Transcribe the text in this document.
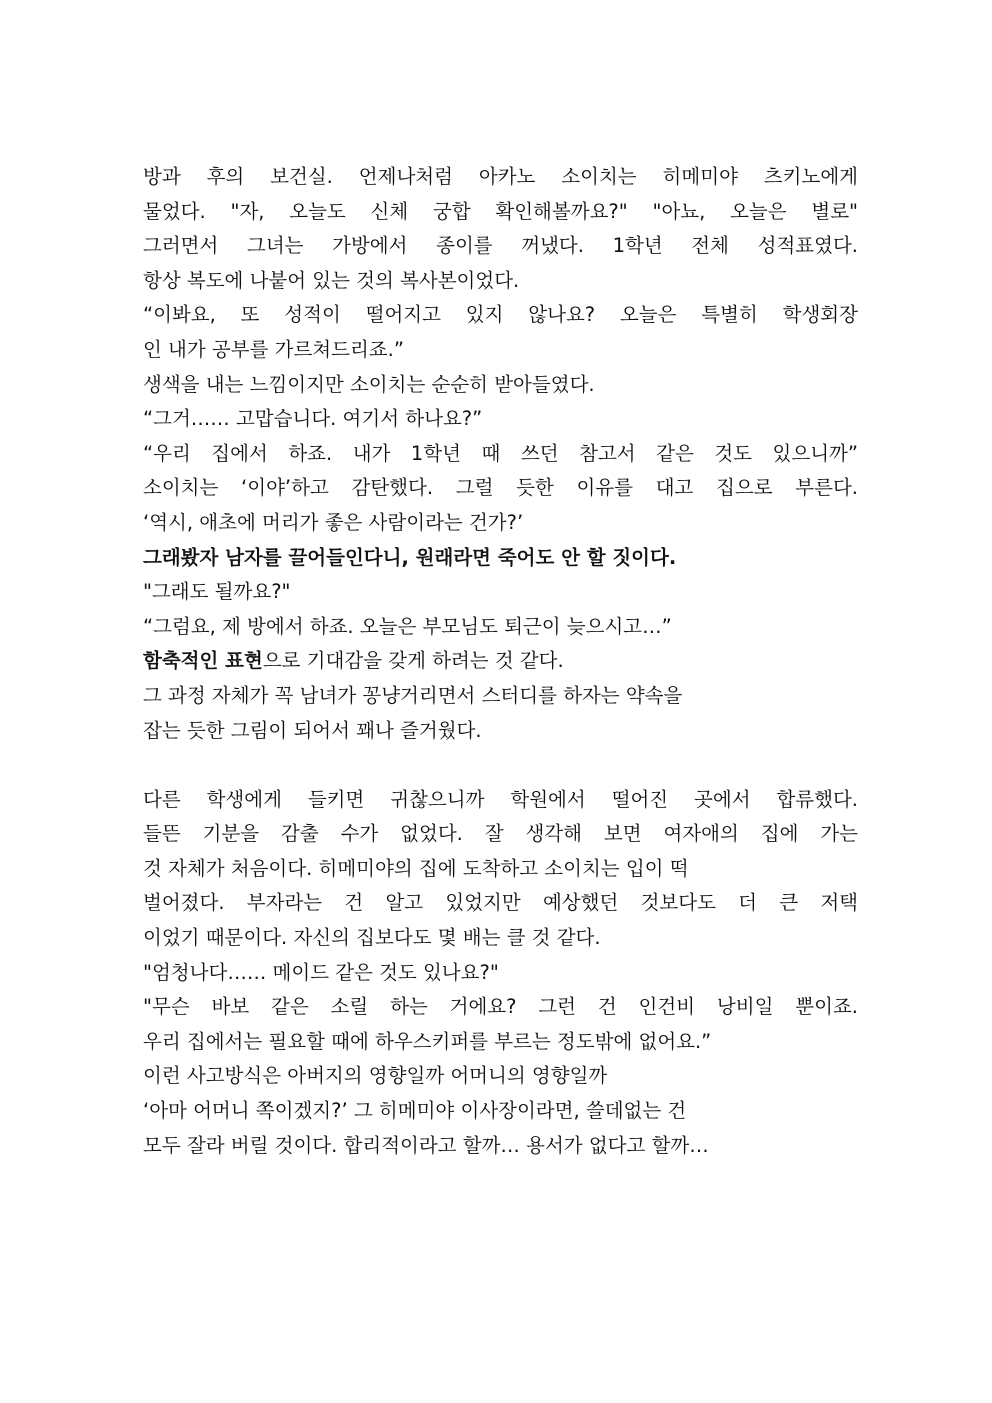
방과 후의 보건실. 언제나처럼 아카노 소이치는 히메미야 츠키노에게
물었다. "자, 오늘도 신체 궁합 확인해볼까요?" "아뇨, 오늘은 별로"
그러면서 그녀는 가방에서 종이를 꺼냈다. 1학년 전체 성적표였다.
항상 복도에 나붙어 있는 것의 복사본이었다.
“이봐요, 또 성적이 떨어지고 있지 않나요? 오늘은 특별히 학생회장
인 내가 공부를 가르쳐드리죠.”
생색을 내는 느낌이지만 소이치는 순순히 받아들였다.
“그거…… 고맙습니다. 여기서 하나요?”
“우리 집에서 하죠. 내가 1학년 때 쓰던 참고서 같은 것도 있으니까”
소이치는 ‘이야’하고 감탄했다. 그럴 듯한 이유를 대고 집으로 부른다.
‘역시, 애초에 머리가 좋은 사람이라는 건가?’
그래봤자 남자를 끌어들인다니, 원래라면 죽어도 안 할 짓이다.
"그래도 될까요?"
“그럼요, 제 방에서 하죠. 오늘은 부모님도 퇴근이 늦으시고…”
함축적인 표현으로 기대감을 갖게 하려는 것 같다.
그 과정 자체가 꼭 남녀가 꽁냥거리면서 스터디를 하자는 약속을
잡는 듯한 그림이 되어서 꽤나 즐거웠다.
다른 학생에게 들키면 귀찮으니까 학원에서 떨어진 곳에서 합류했다.
들뜬 기분을 감출 수가 없었다. 잘 생각해 보면 여자애의 집에 가는
것 자체가 처음이다. 히메미야의 집에 도착하고 소이치는 입이 떡
벌어졌다. 부자라는 건 알고 있었지만 예상했던 것보다도 더 큰 저택
이었기 때문이다. 자신의 집보다도 몇 배는 클 것 같다.
"엄청나다…… 메이드 같은 것도 있나요?"
"무슨 바보 같은 소릴 하는 거에요? 그런 건 인건비 낭비일 뿐이죠.
우리 집에서는 필요할 때에 하우스키퍼를 부르는 정도밖에 없어요.”
이런 사고방식은 아버지의 영향일까 어머니의 영향일까
‘아마 어머니 쪽이겠지?’ 그 히메미야 이사장이라면, 쓸데없는 건
모두 잘라 버릴 것이다. 합리적이라고 할까… 용서가 없다고 할까…
